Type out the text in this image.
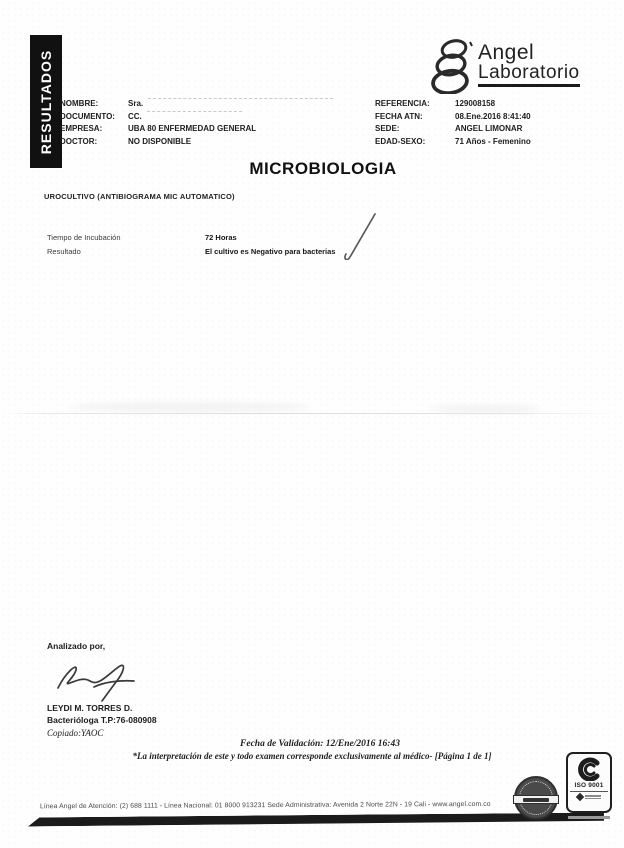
RESULTADOS	Angel
Laboratorio
NOMBRE:	Sra.
DOCUMENTO:	CC.
EMPRESA:	UBA 80 ENFERMEDAD GENERAL
DOCTOR:	NO DISPONIBLE
REFERENCIA:	129008158
FECHA ATN:	08.Ene.2016 8:41:40
SEDE:	ANGEL LIMONAR
EDAD-SEXO:	71 Años - Femenino
MICROBIOLOGIA
UROCULTIVO (ANTIBIOGRAMA MIC AUTOMATICO)
Tiempo de Incubación	72 Horas
Resultado	El cultivo es Negativo para bacterias
Analizado por,
LEYDI M. TORRES D.
Bacterióloga T.P:76-080908
Copiado:YAOC
Fecha de Validación: 12/Ene/2016 16:43
*La interpretación de este y todo examen corresponde exclusivamente al médico- [Página 1 de 1]
Línea Angel de Atención: (2) 688 1111 - Línea Nacional: 01 8000 913231 Sede Administrativa: Avenida 2 Norte 22N - 19 Cali - www.angel.com.co
ISO 9001
